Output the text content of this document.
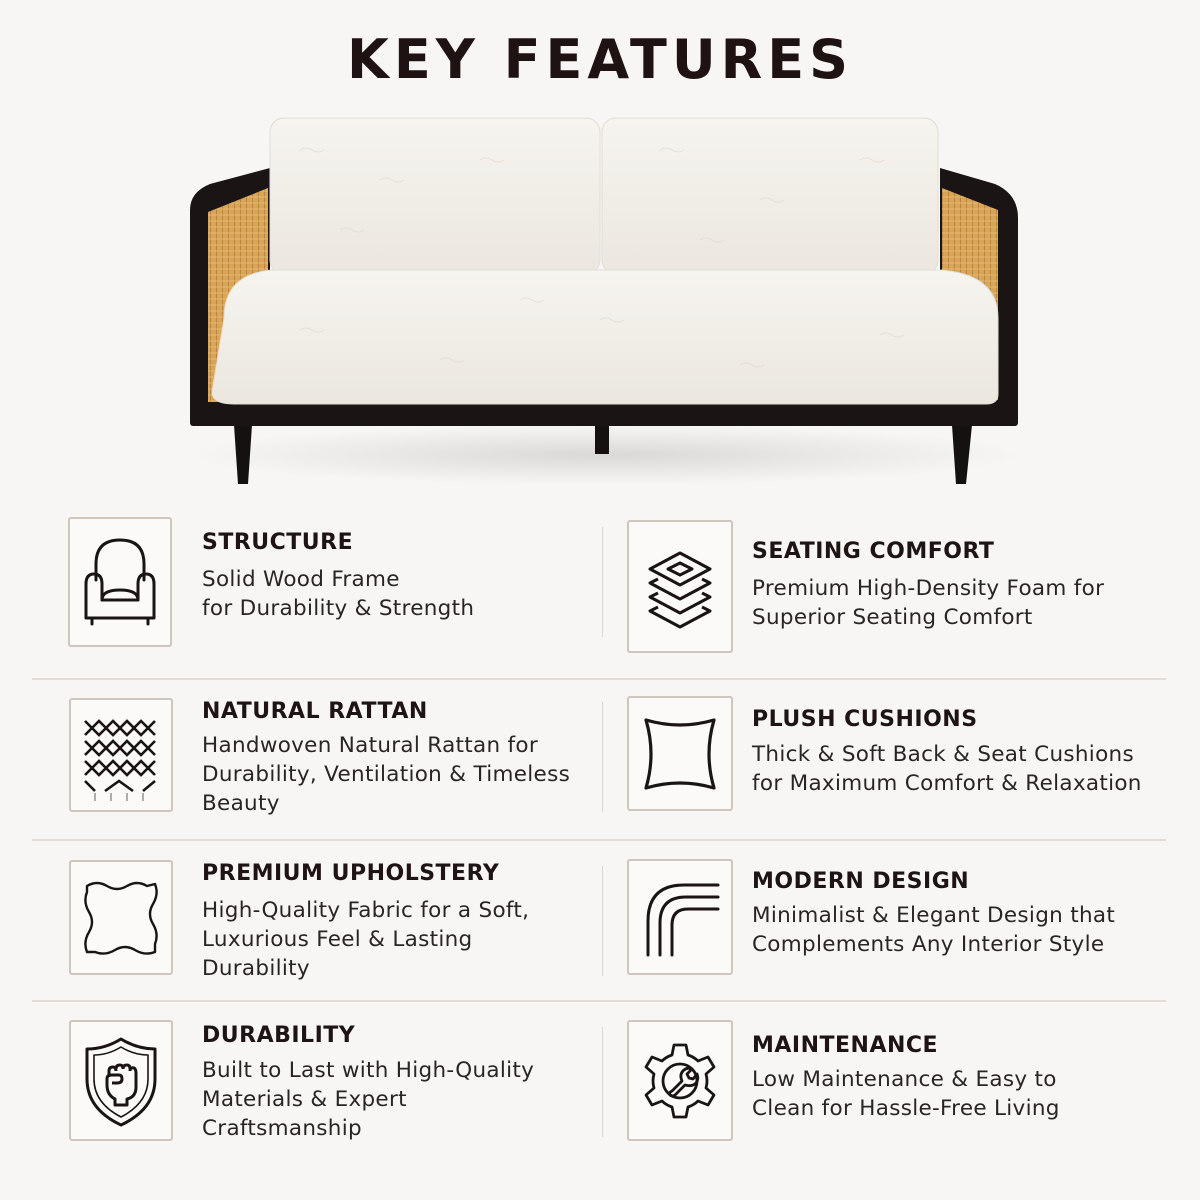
KEY FEATURES
STRUCTURE
Solid Wood Frame
for Durability & Strength
SEATING COMFORT
Premium High-Density Foam for
Superior Seating Comfort
NATURAL RATTAN
Handwoven Natural Rattan for
Durability, Ventilation & Timeless
Beauty
PLUSH CUSHIONS
Thick & Soft Back & Seat Cushions
for Maximum Comfort & Relaxation
PREMIUM UPHOLSTERY
High-Quality Fabric for a Soft,
Luxurious Feel & Lasting
Durability
MODERN DESIGN
Minimalist & Elegant Design that
Complements Any Interior Style
DURABILITY
Built to Last with High-Quality
Materials & Expert
Craftsmanship
MAINTENANCE
Low Maintenance & Easy to
Clean for Hassle-Free Living
